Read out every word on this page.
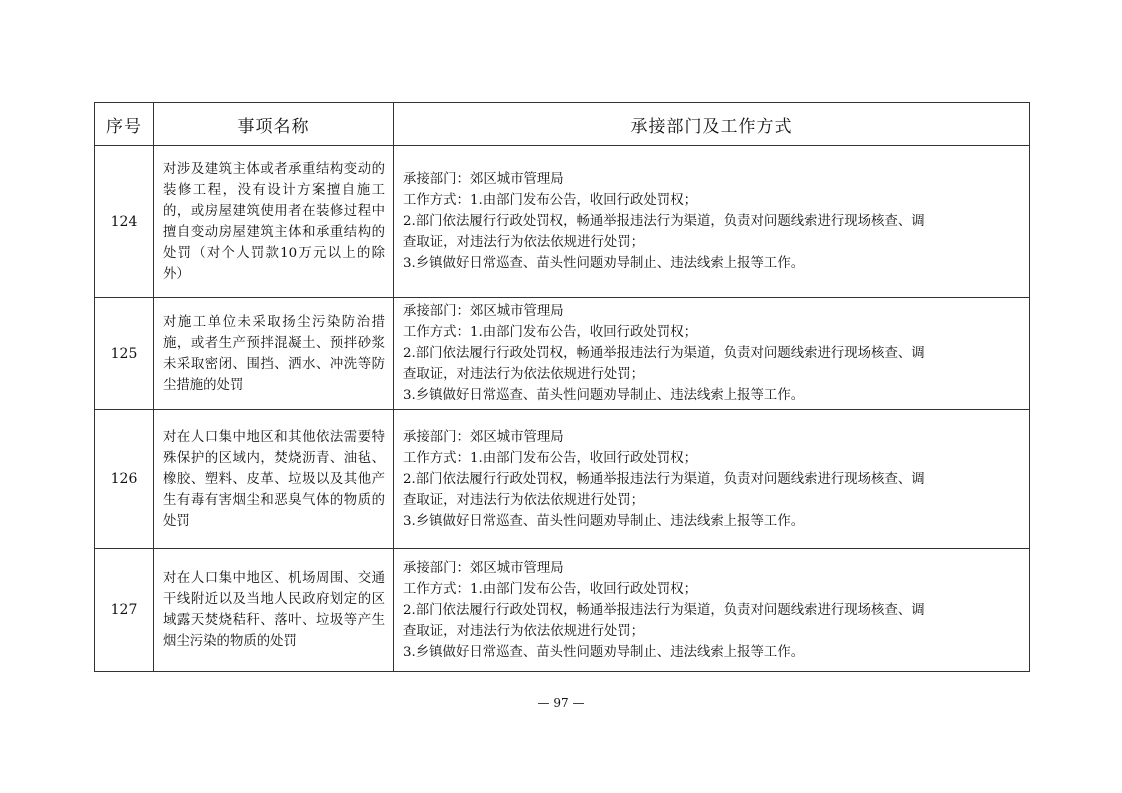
序号	事项名称	承接部门及工作方式
124	对涉及建筑主体或者承重结构变动的装修工程，没有设计方案擅自施工的，或房屋建筑使用者在装修过程中擅自变动房屋建筑主体和承重结构的处罚（对个人罚款10万元以上的除外）	承接部门：郊区城市管理局
工作方式：1.由部门发布公告，收回行政处罚权；
2.部门依法履行行政处罚权，畅通举报违法行为渠道，负责对问题线索进行现场核查、调
查取证，对违法行为依法依规进行处罚；
3.乡镇做好日常巡查、苗头性问题劝导制止、违法线索上报等工作。

125	对施工单位未采取扬尘污染防治措施，或者生产预拌混凝土、预拌砂浆未采取密闭、围挡、洒水、冲洗等防尘措施的处罚	承接部门：郊区城市管理局
工作方式：1.由部门发布公告，收回行政处罚权；
2.部门依法履行行政处罚权，畅通举报违法行为渠道，负责对问题线索进行现场核查、调
查取证，对违法行为依法依规进行处罚；
3.乡镇做好日常巡查、苗头性问题劝导制止、违法线索上报等工作。

126	对在人口集中地区和其他依法需要特殊保护的区域内，焚烧沥青、油毡、橡胶、塑料、皮革、垃圾以及其他产生有毒有害烟尘和恶臭气体的物质的处罚	承接部门：郊区城市管理局
工作方式：1.由部门发布公告，收回行政处罚权；
2.部门依法履行行政处罚权，畅通举报违法行为渠道，负责对问题线索进行现场核查、调
查取证，对违法行为依法依规进行处罚；
3.乡镇做好日常巡查、苗头性问题劝导制止、违法线索上报等工作。

127	对在人口集中地区、机场周围、交通干线附近以及当地人民政府划定的区域露天焚烧秸秆、落叶、垃圾等产生烟尘污染的物质的处罚	承接部门：郊区城市管理局
工作方式：1.由部门发布公告，收回行政处罚权；
2.部门依法履行行政处罚权，畅通举报违法行为渠道，负责对问题线索进行现场核查、调
查取证，对违法行为依法依规进行处罚；
3.乡镇做好日常巡查、苗头性问题劝导制止、违法线索上报等工作。
— 97 —
